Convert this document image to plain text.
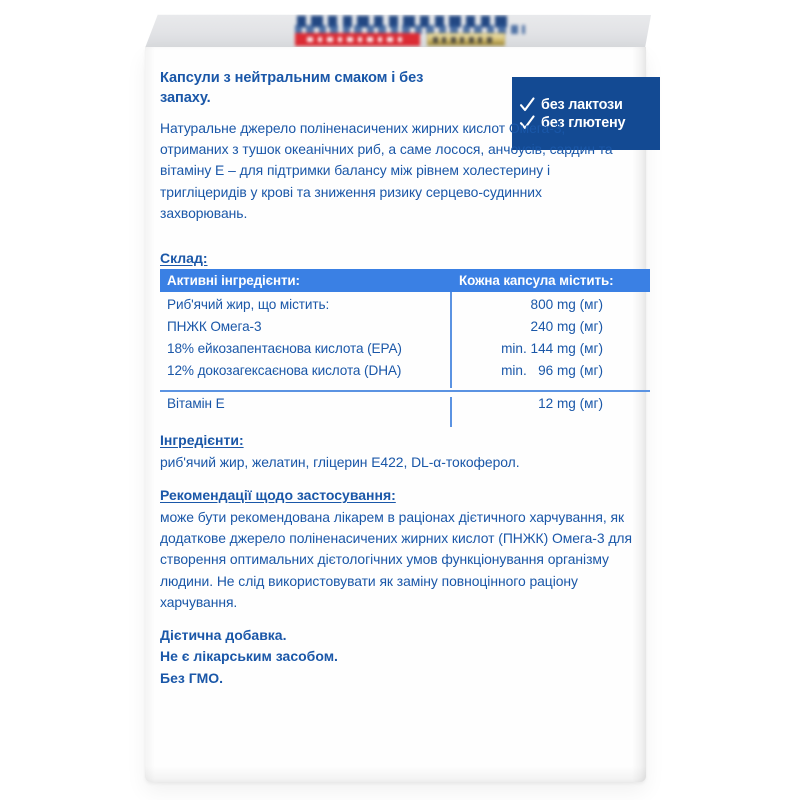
Капсули з нейтральним смаком і без запаху.	без лактози
без глютену
Натуральне джерело поліненасичених жирних кислот Омега-3, отриманих з тушок океанічних риб, а саме лосося, анчоусів, сардин та вітаміну Е – для підтримки балансу між рівнем холестерину і тригліцеридів у крові та зниження ризику серцево-судинних захворювань.
Склад:
Активні інгредієнти:	Кожна капсула містить:
Риб'ячий жир, що містить:	800 mg (мг)
ПНЖК Омега-3	240 mg (мг)
18% ейкозапентаєнова кислота (EPA)	min. 144 mg (мг)
12% докозагексаєнова кислота (DHA)	min.   96 mg (мг)
Вітамін Е	12 mg (мг)
Інгредієнти:
риб'ячий жир, желатин, гліцерин Е422, DL-α-токоферол.
Рекомендації щодо застосування:
може бути рекомендована лікарем в раціонах дієтичного харчування, як додаткове джерело поліненасичених жирних кислот (ПНЖК) Омега-3 для створення оптимальних дієтологічних умов функціонування організму людини. Не слід використовувати як заміну повноцінного раціону харчування.
Дієтична добавка.
Не є лікарським засобом.
Без ГМО.
